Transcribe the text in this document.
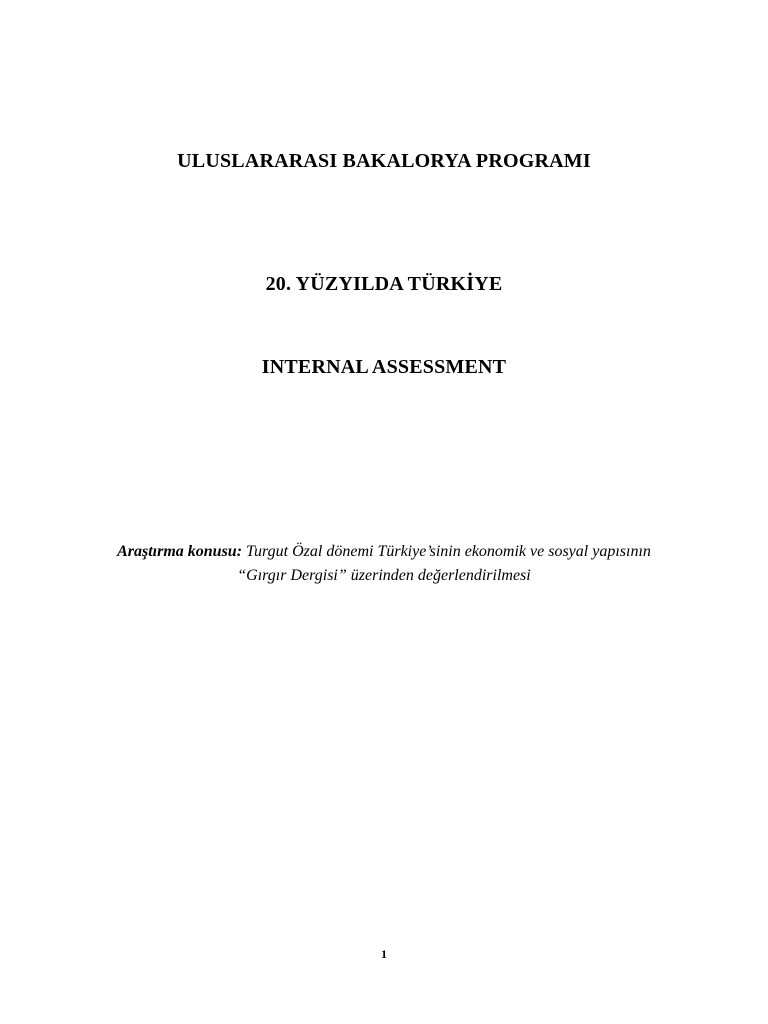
ULUSLARARASI BAKALORYA PROGRAMI
20. YÜZYILDA TÜRKİYE
INTERNAL ASSESSMENT

Araştırma konusu: Turgut Özal dönemi Türkiye’sinin ekonomik ve sosyal yapısının “Gırgır Dergisi” üzerinden değerlendirilmesi

1
